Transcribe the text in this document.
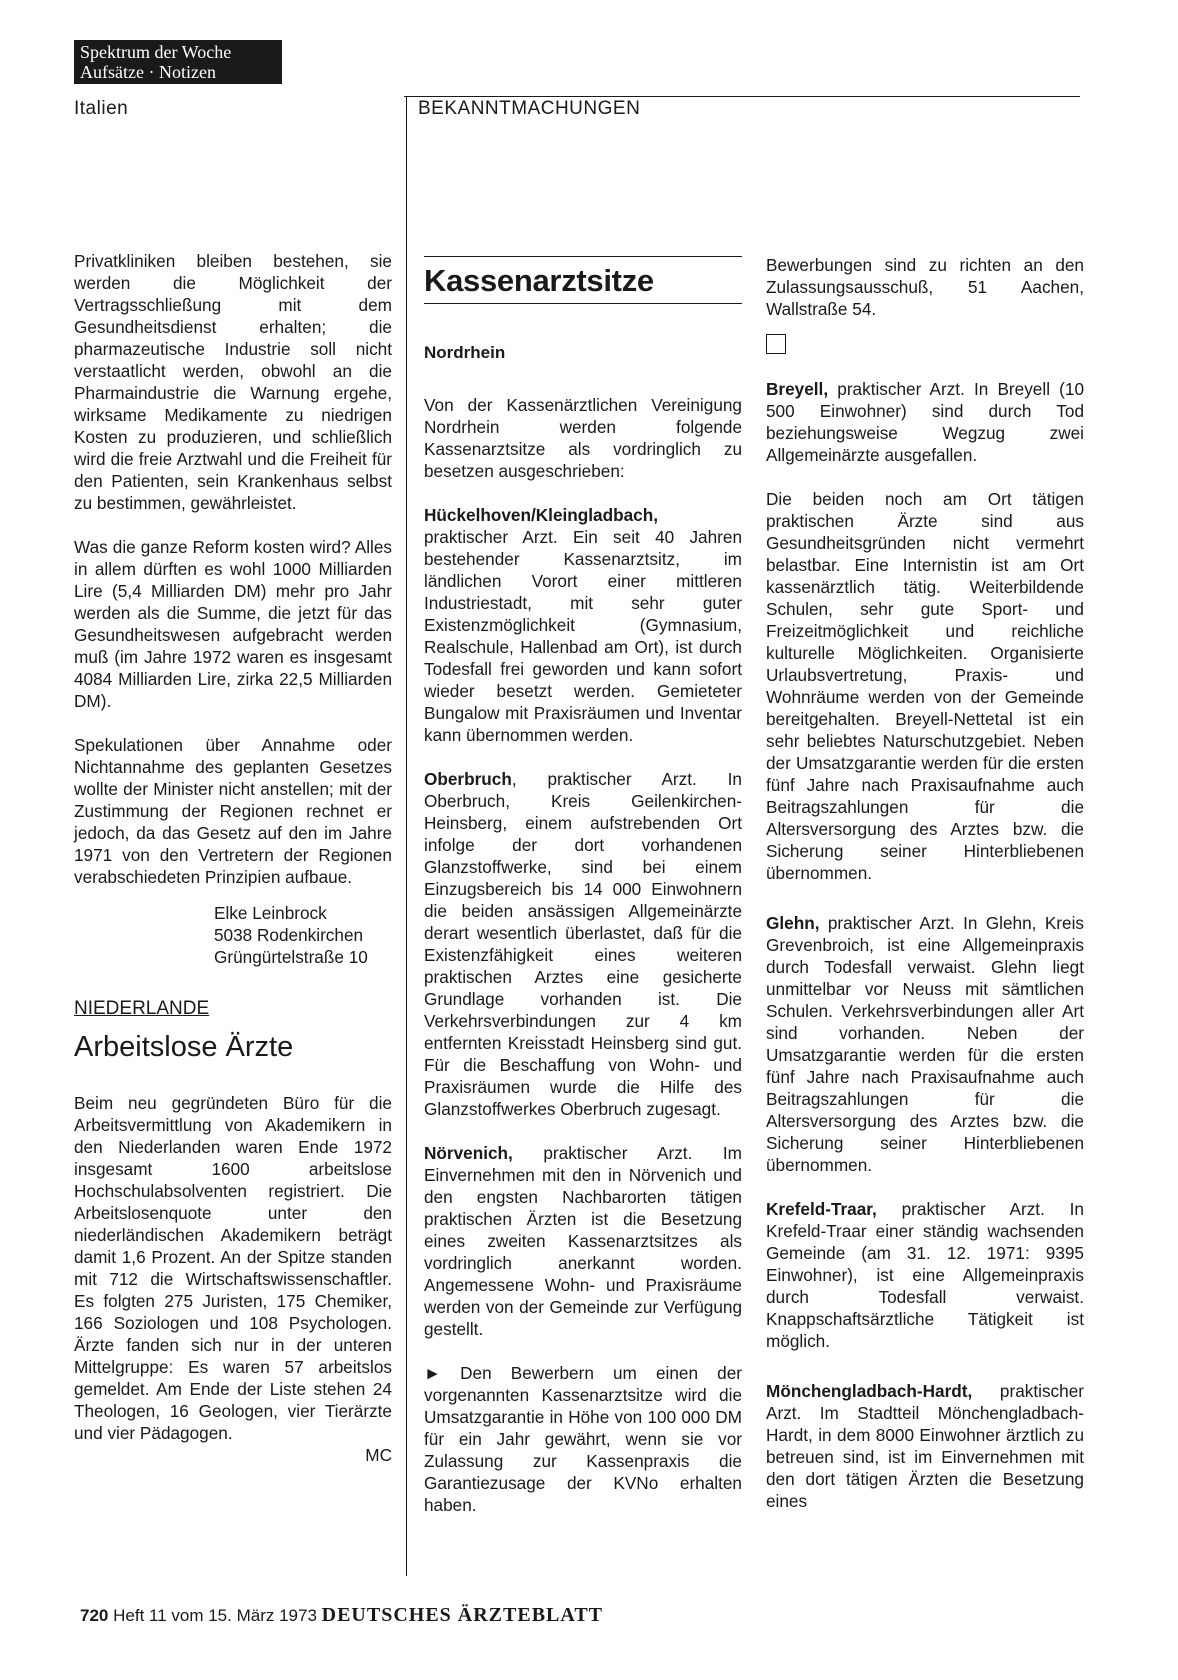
Spektrum der Woche
Aufsätze · Notizen
Italien	BEKANNTMACHUNGEN

Privatkliniken bleiben bestehen, sie werden die Möglichkeit der Vertragsschließung mit dem Gesundheitsdienst erhalten; die pharmazeutische Industrie soll nicht verstaatlicht werden, obwohl an die Pharmaindustrie die Warnung ergehe, wirksame Medikamente zu niedrigen Kosten zu produzieren, und schließlich wird die freie Arztwahl und die Freiheit für den Patienten, sein Krankenhaus selbst zu bestimmen, gewährleistet.

Was die ganze Reform kosten wird? Alles in allem dürften es wohl 1000 Milliarden Lire (5,4 Milliarden DM) mehr pro Jahr werden als die Summe, die jetzt für das Gesundheitswesen aufgebracht werden muß (im Jahre 1972 waren es insgesamt 4084 Milliarden Lire, zirka 22,5 Milliarden DM).

Spekulationen über Annahme oder Nichtannahme des geplanten Gesetzes wollte der Minister nicht anstellen; mit der Zustimmung der Regionen rechnet er jedoch, da das Gesetz auf den im Jahre 1971 von den Vertretern der Regionen verabschiedeten Prinzipien aufbaue.

Elke Leinbrock
5038 Rodenkirchen
Grüngürtelstraße 10
NIEDERLANDE
Arbeitslose Ärzte

Beim neu gegründeten Büro für die Arbeitsvermittlung von Akademikern in den Niederlanden waren Ende 1972 insgesamt 1600 arbeitslose Hochschulabsolventen registriert. Die Arbeitslosenquote unter den niederländischen Akademikern beträgt damit 1,6 Prozent. An der Spitze standen mit 712 die Wirtschaftswissenschaftler. Es folgten 275 Juristen, 175 Chemiker, 166 Soziologen und 108 Psychologen. Ärzte fanden sich nur in der unteren Mittelgruppe: Es waren 57 arbeitslos gemeldet. Am Ende der Liste stehen 24 Theologen, 16 Geologen, vier Tierärzte und vier Pädagogen.

MC
Kassenarztsitze
Nordrhein

Von der Kassenärztlichen Vereinigung Nordrhein werden folgende Kassenarztsitze als vordringlich zu besetzen ausgeschrieben:

Hückelhoven/Kleingladbach, praktischer Arzt. Ein seit 40 Jahren bestehender Kassenarztsitz, im ländlichen Vorort einer mittleren Industriestadt, mit sehr guter Existenzmöglichkeit (Gymnasium, Realschule, Hallenbad am Ort), ist durch Todesfall frei geworden und kann sofort wieder besetzt werden. Gemieteter Bungalow mit Praxisräumen und Inventar kann übernommen werden.

Oberbruch, praktischer Arzt. In Oberbruch, Kreis Geilenkirchen-Heinsberg, einem aufstrebenden Ort infolge der dort vorhandenen Glanzstoffwerke, sind bei einem Einzugsbereich bis 14 000 Einwohnern die beiden ansässigen Allgemeinärzte derart wesentlich überlastet, daß für die Existenzfähigkeit eines weiteren praktischen Arztes eine gesicherte Grundlage vorhanden ist. Die Verkehrsverbindungen zur 4 km entfernten Kreisstadt Heinsberg sind gut. Für die Beschaffung von Wohn- und Praxisräumen wurde die Hilfe des Glanzstoffwerkes Oberbruch zugesagt.

Nörvenich, praktischer Arzt. Im Einvernehmen mit den in Nörvenich und den engsten Nachbarorten tätigen praktischen Ärzten ist die Besetzung eines zweiten Kassenarztsitzes als vordringlich anerkannt worden. Angemessene Wohn- und Praxisräume werden von der Gemeinde zur Verfügung gestellt.

► Den Bewerbern um einen der vorgenannten Kassenarztsitze wird die Umsatzgarantie in Höhe von 100 000 DM für ein Jahr gewährt, wenn sie vor Zulassung zur Kassenpraxis die Garantiezusage der KVNo erhalten haben.

Bewerbungen sind zu richten an den Zulassungsausschuß, 51 Aachen, Wallstraße 54.

Breyell, praktischer Arzt. In Breyell (10 500 Einwohner) sind durch Tod beziehungsweise Wegzug zwei Allgemeinärzte ausgefallen.

Die beiden noch am Ort tätigen praktischen Ärzte sind aus Gesundheitsgründen nicht vermehrt belastbar. Eine Internistin ist am Ort kassenärztlich tätig. Weiterbildende Schulen, sehr gute Sport- und Freizeitmöglichkeit und reichliche kulturelle Möglichkeiten. Organisierte Urlaubsvertretung, Praxis- und Wohnräume werden von der Gemeinde bereitgehalten. Breyell-Nettetal ist ein sehr beliebtes Naturschutzgebiet. Neben der Umsatzgarantie werden für die ersten fünf Jahre nach Praxisaufnahme auch Beitragszahlungen für die Altersversorgung des Arztes bzw. die Sicherung seiner Hinterbliebenen übernommen.

Glehn, praktischer Arzt. In Glehn, Kreis Grevenbroich, ist eine Allgemeinpraxis durch Todesfall verwaist. Glehn liegt unmittelbar vor Neuss mit sämtlichen Schulen. Verkehrsverbindungen aller Art sind vorhanden. Neben der Umsatzgarantie werden für die ersten fünf Jahre nach Praxisaufnahme auch Beitragszahlungen für die Altersversorgung des Arztes bzw. die Sicherung seiner Hinterbliebenen übernommen.

Krefeld-Traar, praktischer Arzt. In Krefeld-Traar einer ständig wachsenden Gemeinde (am 31. 12. 1971: 9395 Einwohner), ist eine Allgemeinpraxis durch Todesfall verwaist. Knappschaftsärztliche Tätigkeit ist möglich.

Mönchengladbach-Hardt, praktischer Arzt. Im Stadtteil Mönchengladbach-Hardt, in dem 8000 Einwohner ärztlich zu betreuen sind, ist im Einvernehmen mit den dort tätigen Ärzten die Besetzung eines

720 Heft 11 vom 15. März 1973 DEUTSCHES ÄRZTEBLATT
